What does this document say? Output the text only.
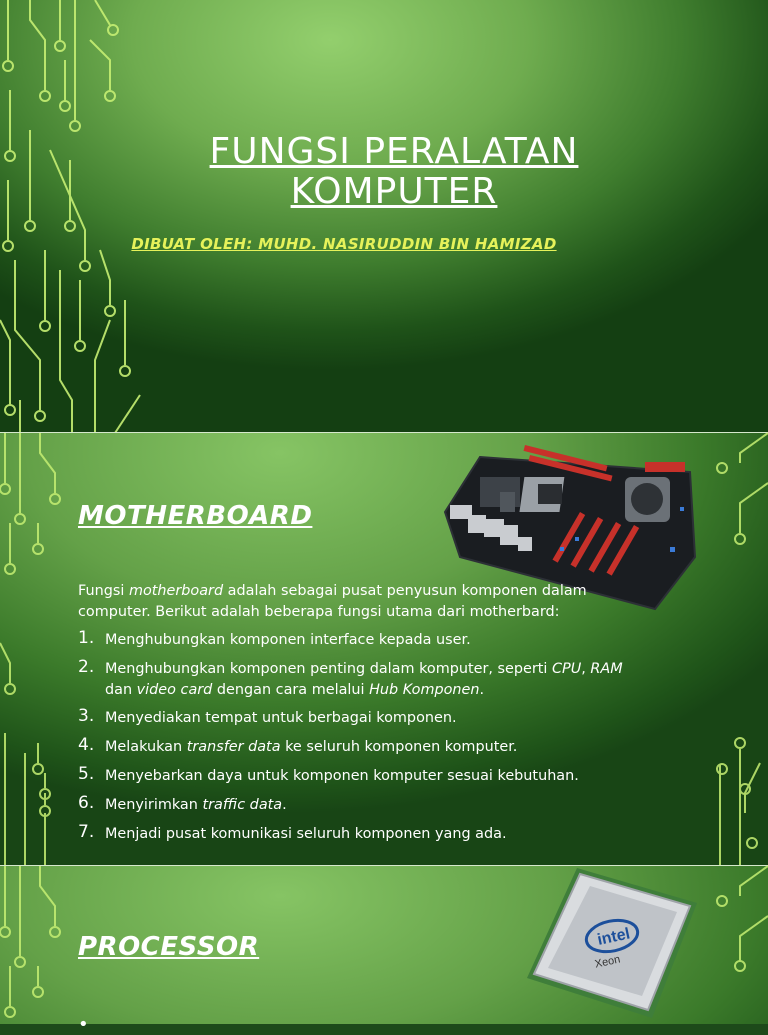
FUNGSI PERALATAN
KOMPUTER
DIBUAT OLEH: MUHD. NASIRUDDIN BIN HAMIZAD
MOTHERBOARD
Fungsi motherboard adalah sebagai pusat penyusun komponen dalam computer. Berikut adalah beberapa fungsi utama dari motherbard:
1. Menghubungkan komponen interface kepada user.
2. Menghubungkan komponen penting dalam komputer, seperti CPU, RAM
dan video card dengan cara melalui Hub Komponen.
3. Menyediakan tempat untuk berbagai komponen.
4. Melakukan transfer data ke seluruh komponen komputer.
5. Menyebarkan daya untuk komponen komputer sesuai kebutuhan.
6. Menyirimkan traffic data.
7. Menjadi pusat komunikasi seluruh komponen yang ada.
PROCESSOR	intel
Xeon
•
